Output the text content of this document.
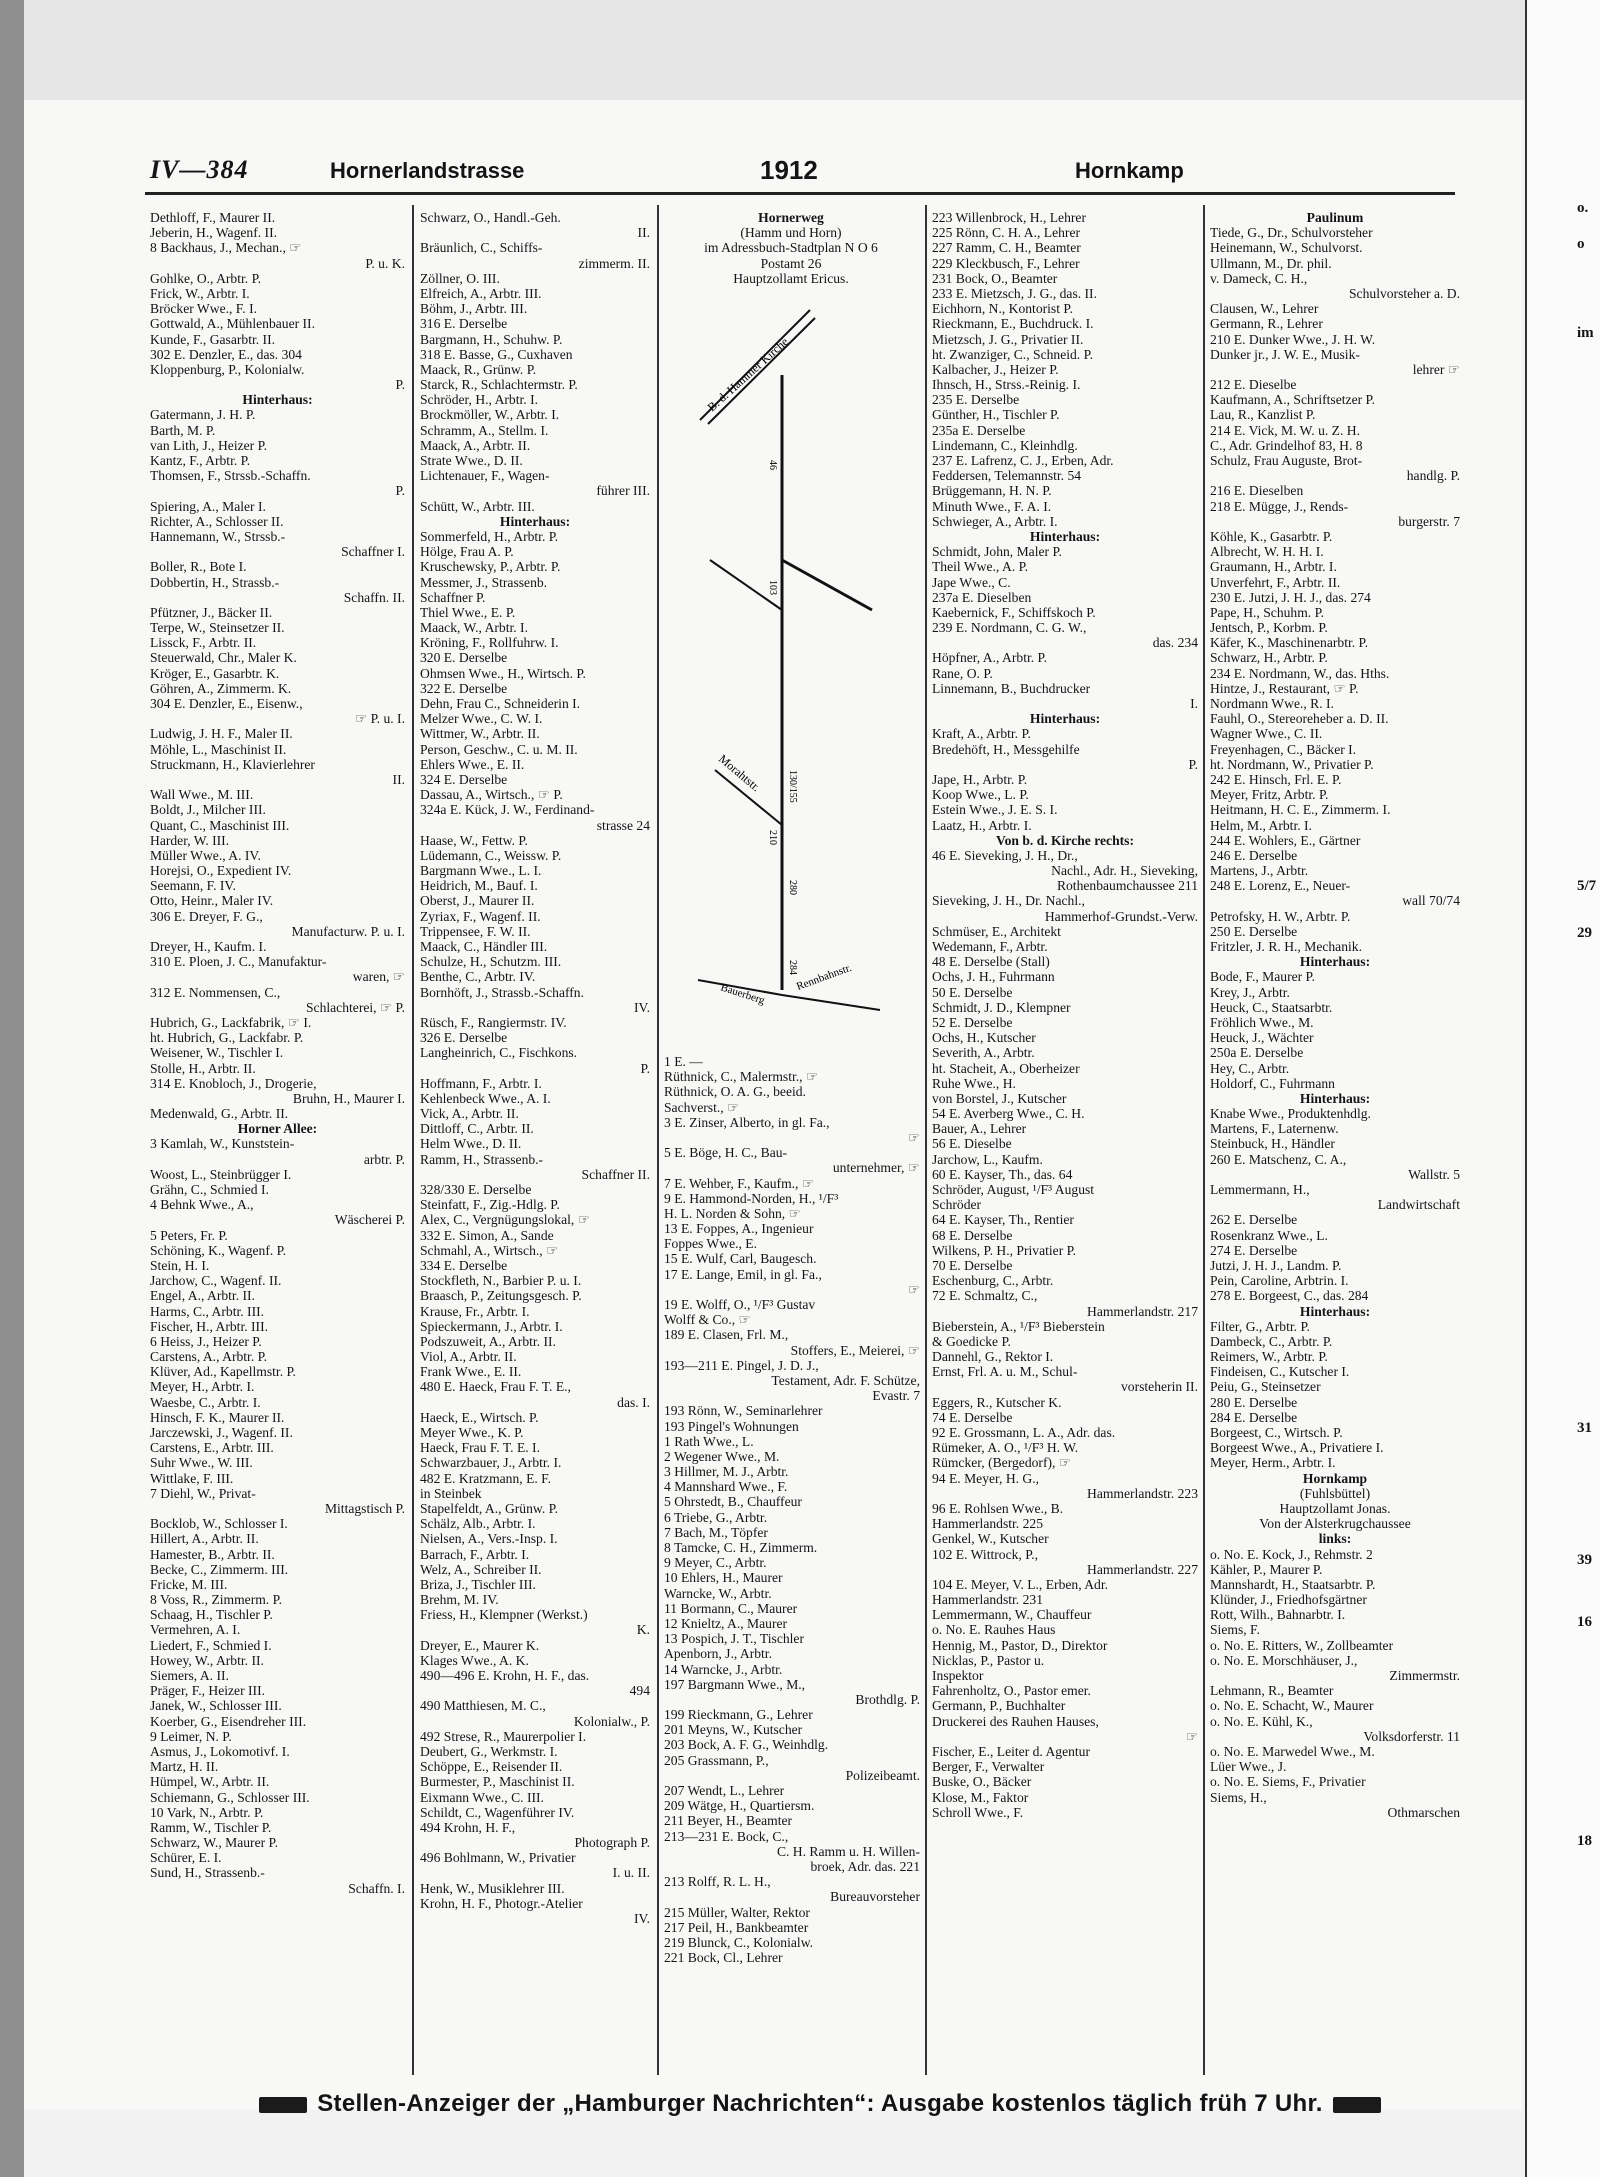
o.
o
im
5/7
29
31
39
16
18
IV—384	Hornerlandstrasse	1912	Hornkamp
Dethloff, F., Maurer II.
Jeberin, H., Wagenf. II.
8 Backhaus, J., Mechan., ☞
P. u. K.
Gohlke, O., Arbtr. P.
Frick, W., Arbtr. I.
Bröcker Wwe., F. I.
Gottwald, A., Mühlenbauer II.
Kunde, F., Gasarbtr. II.
302 E. Denzler, E., das. 304
Kloppenburg, P., Kolonialw.
P.
Hinterhaus:
Gatermann, J. H. P.
Barth, M. P.
van Lith, J., Heizer P.
Kantz, F., Arbtr. P.
Thomsen, F., Strssb.-Schaffn.
P.
Spiering, A., Maler I.
Richter, A., Schlosser II.
Hannemann, W., Strssb.-
Schaffner I.
Boller, R., Bote I.
Dobbertin, H., Strassb.-
Schaffn. II.
Pfützner, J., Bäcker II.
Terpe, W., Steinsetzer II.
Lissck, F., Arbtr. II.
Steuerwald, Chr., Maler K.
Kröger, E., Gasarbtr. K.
Göhren, A., Zimmerm. K.
304 E. Denzler, E., Eisenw.,
☞ P. u. I.
Ludwig, J. H. F., Maler II.
Möhle, L., Maschinist II.
Struckmann, H., Klavierlehrer
II.
Wall Wwe., M. III.
Boldt, J., Milcher III.
Quant, C., Maschinist III.
Harder, W. III.
Müller Wwe., A. IV.
Horejsi, O., Expedient IV.
Seemann, F. IV.
Otto, Heinr., Maler IV.
306 E. Dreyer, F. G.,
Manufacturw. P. u. I.
Dreyer, H., Kaufm. I.
310 E. Ploen, J. C., Manufaktur-
waren, ☞
312 E. Nommensen, C.,
Schlachterei, ☞ P.
Hubrich, G., Lackfabrik, ☞ I.
ht. Hubrich, G., Lackfabr. P.
Weisener, W., Tischler I.
Stolle, H., Arbtr. II.
314 E. Knobloch, J., Drogerie,
Bruhn, H., Maurer I.
Medenwald, G., Arbtr. II.
Horner Allee:
3 Kamlah, W., Kunststein-
arbtr. P.
Woost, L., Steinbrügger I.
Grähn, C., Schmied I.
4 Behnk Wwe., A.,
Wäscherei P.
5 Peters, Fr. P.
Schöning, K., Wagenf. P.
Stein, H. I.
Jarchow, C., Wagenf. II.
Engel, A., Arbtr. II.
Harms, C., Arbtr. III.
Fischer, H., Arbtr. III.
6 Heiss, J., Heizer P.
Carstens, A., Arbtr. P.
Klüver, Ad., Kapellmstr. P.
Meyer, H., Arbtr. I.
Waesbe, C., Arbtr. I.
Hinsch, F. K., Maurer II.
Jarczewski, J., Wagenf. II.
Carstens, E., Arbtr. III.
Suhr Wwe., W. III.
Wittlake, F. III.
7 Diehl, W., Privat-
Mittagstisch P.
Bocklob, W., Schlosser I.
Hillert, A., Arbtr. II.
Hamester, B., Arbtr. II.
Becke, C., Zimmerm. III.
Fricke, M. III.
8 Voss, R., Zimmerm. P.
Schaag, H., Tischler P.
Vermehren, A. I.
Liedert, F., Schmied I.
Howey, W., Arbtr. II.
Siemers, A. II.
Präger, F., Heizer III.
Janek, W., Schlosser III.
Koerber, G., Eisendreher III.
9 Leimer, N. P.
Asmus, J., Lokomotivf. I.
Martz, H. II.
Hümpel, W., Arbtr. II.
Schiemann, G., Schlosser III.
10 Vark, N., Arbtr. P.
Ramm, W., Tischler P.
Schwarz, W., Maurer P.
Schürer, E. I.
Sund, H., Strassenb.-
Schaffn. I.
Schwarz, O., Handl.-Geh.
II.
Bräunlich, C., Schiffs-
zimmerm. II.
Zöllner, O. III.
Elfreich, A., Arbtr. III.
Böhm, J., Arbtr. III.
316 E. Derselbe
Bargmann, H., Schuhw. P.
318 E. Basse, G., Cuxhaven
Maack, R., Grünw. P.
Starck, R., Schlachtermstr. P.
Schröder, H., Arbtr. I.
Brockmöller, W., Arbtr. I.
Schramm, A., Stellm. I.
Maack, A., Arbtr. II.
Strate Wwe., D. II.
Lichtenauer, F., Wagen-
führer III.
Schütt, W., Arbtr. III.
Hinterhaus:
Sommerfeld, H., Arbtr. P.
Hölge, Frau A. P.
Kruschewsky, P., Arbtr. P.
Messmer, J., Strassenb.
Schaffner P.
Thiel Wwe., E. P.
Maack, W., Arbtr. I.
Kröning, F., Rollfuhrw. I.
320 E. Derselbe
Ohmsen Wwe., H., Wirtsch. P.
322 E. Derselbe
Dehn, Frau C., Schneiderin I.
Melzer Wwe., C. W. I.
Wittmer, W., Arbtr. II.
Person, Geschw., C. u. M. II.
Ehlers Wwe., E. II.
324 E. Derselbe
Dassau, A., Wirtsch., ☞ P.
324a E. Kück, J. W., Ferdinand-
strasse 24
Haase, W., Fettw. P.
Lüdemann, C., Weissw. P.
Bargmann Wwe., L. I.
Heidrich, M., Bauf. I.
Oberst, J., Maurer II.
Zyriax, F., Wagenf. II.
Trippensee, F. W. II.
Maack, C., Händler III.
Schulze, H., Schutzm. III.
Benthe, C., Arbtr. IV.
Bornhöft, J., Strassb.-Schaffn.
IV.
Rüsch, F., Rangiermstr. IV.
326 E. Derselbe
Langheinrich, C., Fischkons.
P.
Hoffmann, F., Arbtr. I.
Kehlenbeck Wwe., A. I.
Vick, A., Arbtr. II.
Dittloff, C., Arbtr. II.
Helm Wwe., D. II.
Ramm, H., Strassenb.-
Schaffner II.
328/330 E. Derselbe
Steinfatt, F., Zig.-Hdlg. P.
Alex, C., Vergnügungslokal, ☞
332 E. Simon, A., Sande
Schmahl, A., Wirtsch., ☞
334 E. Derselbe
Stockfleth, N., Barbier P. u. I.
Braasch, P., Zeitungsgesch. P.
Krause, Fr., Arbtr. I.
Spieckermann, J., Arbtr. I.
Podszuweit, A., Arbtr. II.
Viol, A., Arbtr. II.
Frank Wwe., E. II.
480 E. Haeck, Frau F. T. E.,
das. I.
Haeck, E., Wirtsch. P.
Meyer Wwe., K. P.
Haeck, Frau F. T. E. I.
Schwarzbauer, J., Arbtr. I.
482 E. Kratzmann, E. F.
in Steinbek
Stapelfeldt, A., Grünw. P.
Schälz, Alb., Arbtr. I.
Nielsen, A., Vers.-Insp. I.
Barrach, F., Arbtr. I.
Welz, A., Schreiber II.
Briza, J., Tischler III.
Brehm, M. IV.
Friess, H., Klempner (Werkst.)
K.
Dreyer, E., Maurer K.
Klages Wwe., A. K.
490—496 E. Krohn, H. F., das.
494
490 Matthiesen, M. C.,
Kolonialw., P.
492 Strese, R., Maurerpolier I.
Deubert, G., Werkmstr. I.
Schöppe, E., Reisender II.
Burmester, P., Maschinist II.
Eixmann Wwe., C. III.
Schildt, C., Wagenführer IV.
494 Krohn, H. F.,
Photograph P.
496 Bohlmann, W., Privatier
I. u. II.
Henk, W., Musiklehrer III.
Krohn, H. F., Photogr.-Atelier
IV.
Hornerweg
(Hamm und Horn)
im Adressbuch-Stadtplan N O 6
Postamt 26
Hauptzollamt Ericus.
1 E. —
Rüthnick, C., Malermstr., ☞
Rüthnick, O. A. G., beeid.
Sachverst., ☞
3 E. Zinser, Alberto, in gl. Fa.,
☞
5 E. Böge, H. C., Bau-
unternehmer, ☞
7 E. Wehber, F., Kaufm., ☞
9 E. Hammond-Norden, H., ¹/F³
H. L. Norden & Sohn, ☞
13 E. Foppes, A., Ingenieur
Foppes Wwe., E.
15 E. Wulf, Carl, Baugesch.
17 E. Lange, Emil, in gl. Fa.,
☞
19 E. Wolff, O., ¹/F³ Gustav
Wolff & Co., ☞
189 E. Clasen, Frl. M.,
Stoffers, E., Meierei, ☞
193—211 E. Pingel, J. D. J.,
Testament, Adr. F. Schütze,
Evastr. 7
193 Rönn, W., Seminarlehrer
193 Pingel's Wohnungen
1 Rath Wwe., L.
2 Wegener Wwe., M.
3 Hillmer, M. J., Arbtr.
4 Mannshard Wwe., F.
5 Ohrstedt, B., Chauffeur
6 Triebe, G., Arbtr.
7 Bach, M., Töpfer
8 Tamcke, C. H., Zimmerm.
9 Meyer, C., Arbtr.
10 Ehlers, H., Maurer
Warncke, W., Arbtr.
11 Bormann, C., Maurer
12 Knieltz, A., Maurer
13 Pospich, J. T., Tischler
Apenborn, J., Arbtr.
14 Warncke, J., Arbtr.
197 Bargmann Wwe., M.,
Brothdlg. P.
199 Rieckmann, G., Lehrer
201 Meyns, W., Kutscher
203 Bock, A. F. G., Weinhdlg.
205 Grassmann, P.,
Polizeibeamt.
207 Wendt, L., Lehrer
209 Wätge, H., Quartiersm.
211 Beyer, H., Beamter
213—231 E. Bock, C.,
C. H. Ramm u. H. Willen-
broek, Adr. das. 221
213 Rolff, R. L. H.,
Bureauvorsteher
215 Müller, Walter, Rektor
217 Peil, H., Bankbeamter
219 Blunck, C., Kolonialw.
221 Bock, Cl., Lehrer
223 Willenbrock, H., Lehrer
225 Rönn, C. H. A., Lehrer
227 Ramm, C. H., Beamter
229 Kleckbusch, F., Lehrer
231 Bock, O., Beamter
233 E. Mietzsch, J. G., das. II.
Eichhorn, N., Kontorist P.
Rieckmann, E., Buchdruck. I.
Mietzsch, J. G., Privatier II.
ht. Zwanziger, C., Schneid. P.
Kalbacher, J., Heizer P.
Ihnsch, H., Strss.-Reinig. I.
235 E. Derselbe
Günther, H., Tischler P.
235a E. Derselbe
Lindemann, C., Kleinhdlg.
237 E. Lafrenz, C. J., Erben, Adr.
Feddersen, Telemannstr. 54
Brüggemann, H. N. P.
Minuth Wwe., F. A. I.
Schwieger, A., Arbtr. I.
Hinterhaus:
Schmidt, John, Maler P.
Theil Wwe., A. P.
Jape Wwe., C.
237a E. Dieselben
Kaebernick, F., Schiffskoch P.
239 E. Nordmann, C. G. W.,
das. 234
Höpfner, A., Arbtr. P.
Rane, O. P.
Linnemann, B., Buchdrucker
I.
Hinterhaus:
Kraft, A., Arbtr. P.
Bredehöft, H., Messgehilfe
P.
Jape, H., Arbtr. P.
Koop Wwe., L. P.
Estein Wwe., J. E. S. I.
Laatz, H., Arbtr. I.
Von b. d. Kirche rechts:
46 E. Sieveking, J. H., Dr.,
Nachl., Adr. H., Sieveking,
Rothenbaumchaussee 211
Sieveking, J. H., Dr. Nachl.,
Hammerhof-Grundst.-Verw.
Schmüser, E., Architekt
Wedemann, F., Arbtr.
48 E. Derselbe (Stall)
Ochs, J. H., Fuhrmann
50 E. Derselbe
Schmidt, J. D., Klempner
52 E. Derselbe
Ochs, H., Kutscher
Severith, A., Arbtr.
ht. Stacheit, A., Oberheizer
Ruhe Wwe., H.
von Borstel, J., Kutscher
54 E. Averberg Wwe., C. H.
Bauer, A., Lehrer
56 E. Dieselbe
Jarchow, L., Kaufm.
60 E. Kayser, Th., das. 64
Schröder, August, ¹/F³ August
Schröder
64 E. Kayser, Th., Rentier
68 E. Derselbe
Wilkens, P. H., Privatier P.
70 E. Derselbe
Eschenburg, C., Arbtr.
72 E. Schmaltz, C.,
Hammerlandstr. 217
Bieberstein, A., ¹/F³ Bieberstein
& Goedicke P.
Dannehl, G., Rektor I.
Ernst, Frl. A. u. M., Schul-
vorsteherin II.
Eggers, R., Kutscher K.
74 E. Derselbe
92 E. Grossmann, L. A., Adr. das.
Rümeker, A. O., ¹/F³ H. W.
Rümcker, (Bergedorf), ☞
94 E. Meyer, H. G.,
Hammerlandstr. 223
96 E. Rohlsen Wwe., B.
Hammerlandstr. 225
Genkel, W., Kutscher
102 E. Wittrock, P.,
Hammerlandstr. 227
104 E. Meyer, V. L., Erben, Adr.
Hammerlandstr. 231
Lemmermann, W., Chauffeur
o. No. E. Rauhes Haus
Hennig, M., Pastor, D., Direktor
Nicklas, P., Pastor u.
Inspektor
Fahrenholtz, O., Pastor emer.
Germann, P., Buchhalter
Druckerei des Rauhen Hauses,
☞
Fischer, E., Leiter d. Agentur
Berger, F., Verwalter
Buske, O., Bäcker
Klose, M., Faktor
Schroll Wwe., F.
Paulinum
Tiede, G., Dr., Schulvorsteher
Heinemann, W., Schulvorst.
Ullmann, M., Dr. phil.
v. Dameck, C. H.,
Schulvorsteher a. D.
Clausen, W., Lehrer
Germann, R., Lehrer
210 E. Dunker Wwe., J. H. W.
Dunker jr., J. W. E., Musik-
lehrer ☞
212 E. Dieselbe
Kaufmann, A., Schriftsetzer P.
Lau, R., Kanzlist P.
214 E. Vick, M. W. u. Z. H.
C., Adr. Grindelhof 83, H. 8
Schulz, Frau Auguste, Brot-
handlg. P.
216 E. Dieselben
218 E. Mügge, J., Rends-
burgerstr. 7
Köhle, K., Gasarbtr. P.
Albrecht, W. H. H. I.
Graumann, H., Arbtr. I.
Unverfehrt, F., Arbtr. II.
230 E. Jutzi, J. H. J., das. 274
Pape, H., Schuhm. P.
Jentsch, P., Korbm. P.
Käfer, K., Maschinenarbtr. P.
Schwarz, H., Arbtr. P.
234 E. Nordmann, W., das. Hths.
Hintze, J., Restaurant, ☞ P.
Nordmann Wwe., R. I.
Fauhl, O., Stereoreheber a. D. II.
Wagner Wwe., C. II.
Freyenhagen, C., Bäcker I.
ht. Nordmann, W., Privatier P.
242 E. Hinsch, Frl. E. P.
Meyer, Fritz, Arbtr. P.
Heitmann, H. C. E., Zimmerm. I.
Helm, M., Arbtr. I.
244 E. Wohlers, E., Gärtner
246 E. Derselbe
Martens, J., Arbtr.
248 E. Lorenz, E., Neuer-
wall 70/74
Petrofsky, H. W., Arbtr. P.
250 E. Derselbe
Fritzler, J. R. H., Mechanik.
Hinterhaus:
Bode, F., Maurer P.
Krey, J., Arbtr.
Heuck, C., Staatsarbtr.
Fröhlich Wwe., M.
Heuck, J., Wächter
250a E. Derselbe
Hey, C., Arbtr.
Holdorf, C., Fuhrmann
Hinterhaus:
Knabe Wwe., Produktenhdlg.
Martens, F., Laternenw.
Steinbuck, H., Händler
260 E. Matschenz, C. A.,
Wallstr. 5
Lemmermann, H.,
Landwirtschaft
262 E. Derselbe
Rosenkranz Wwe., L.
274 E. Derselbe
Jutzi, J. H. J., Landm. P.
Pein, Caroline, Arbtrin. I.
278 E. Borgeest, C., das. 284
Hinterhaus:
Filter, G., Arbtr. P.
Dambeck, C., Arbtr. P.
Reimers, W., Arbtr. P.
Findeisen, C., Kutscher I.
Peiu, G., Steinsetzer
280 E. Derselbe
284 E. Derselbe
Borgeest, C., Wirtsch. P.
Borgeest Wwe., A., Privatiere I.
Meyer, Herm., Arbtr. I.
Hornkamp
(Fuhlsbüttel)
Hauptzollamt Jonas.
Von der Alsterkrugchaussee
links:
o. No. E. Kock, J., Rehmstr. 2
Kähler, P., Maurer P.
Mannshardt, H., Staatsarbtr. P.
Klünder, J., Friedhofsgärtner
Rott, Wilh., Bahnarbtr. I.
Siems, F.
o. No. E. Ritters, W., Zollbeamter
o. No. E. Morschhäuser, J.,
Zimmermstr.
Lehmann, R., Beamter
o. No. E. Schacht, W., Maurer
o. No. E. Kühl, K.,
Volksdorferstr. 11
o. No. E. Marwedel Wwe., M.
Lüer Wwe., J.
o. No. E. Siems, F., Privatier
Siems, H.,
Othmarschen
B. d. Hammer Kirche
Morahtstr.
Bauerberg
Rennbahnstr.
46
103
130/155
210
280
284
Stellen-Anzeiger der „Hamburger Nachrichten“: Ausgabe kostenlos täglich früh 7 Uhr.
